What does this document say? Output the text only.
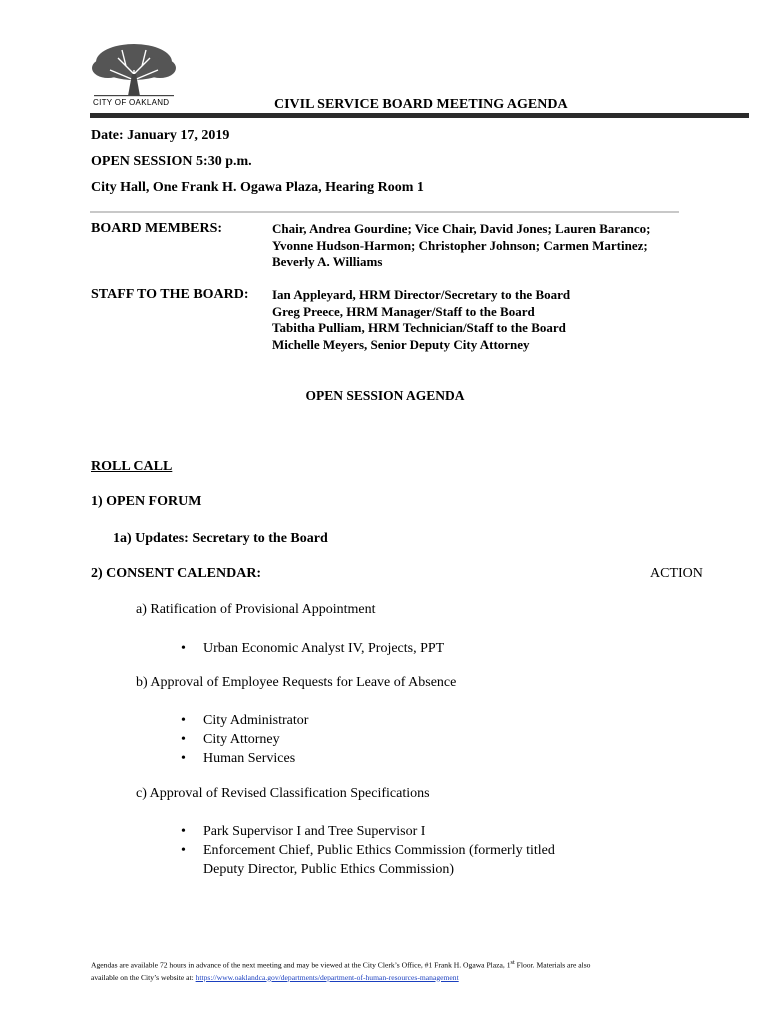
CITY OF OAKLAND	CIVIL SERVICE BOARD MEETING AGENDA
Date: January 17, 2019
OPEN SESSION 5:30 p.m.
City Hall, One Frank H. Ogawa Plaza, Hearing Room 1
BOARD MEMBERS:	Chair, Andrea Gourdine; Vice Chair, David Jones; Lauren Baranco;
Yvonne Hudson-Harmon; Christopher Johnson; Carmen Martinez;
Beverly A. Williams
STAFF TO THE BOARD: Ian Appleyard, HRM Director/Secretary to the Board
Greg Preece, HRM Manager/Staff to the Board
Tabitha Pulliam, HRM Technician/Staff to the Board
Michelle Meyers, Senior Deputy City Attorney
OPEN SESSION AGENDA
ROLL CALL
1) OPEN FORUM
1a) Updates: Secretary to the Board
2) CONSENT CALENDAR:	ACTION
a) Ratification of Provisional Appointment
•	Urban Economic Analyst IV, Projects, PPT
b) Approval of Employee Requests for Leave of Absence
•	City Administrator
•	City Attorney
•	Human Services
c) Approval of Revised Classification Specifications
•	Park Supervisor I and Tree Supervisor I
•	Enforcement Chief, Public Ethics Commission (formerly titled
Deputy Director, Public Ethics Commission)
Agendas are available 72 hours in advance of the next meeting and may be viewed at the City Clerk’s Office, #1 Frank H. Ogawa Plaza, 1st Floor. Materials are also
available on the City’s website at: https://www.oaklandca.gov/departments/department-of-human-resources-management
